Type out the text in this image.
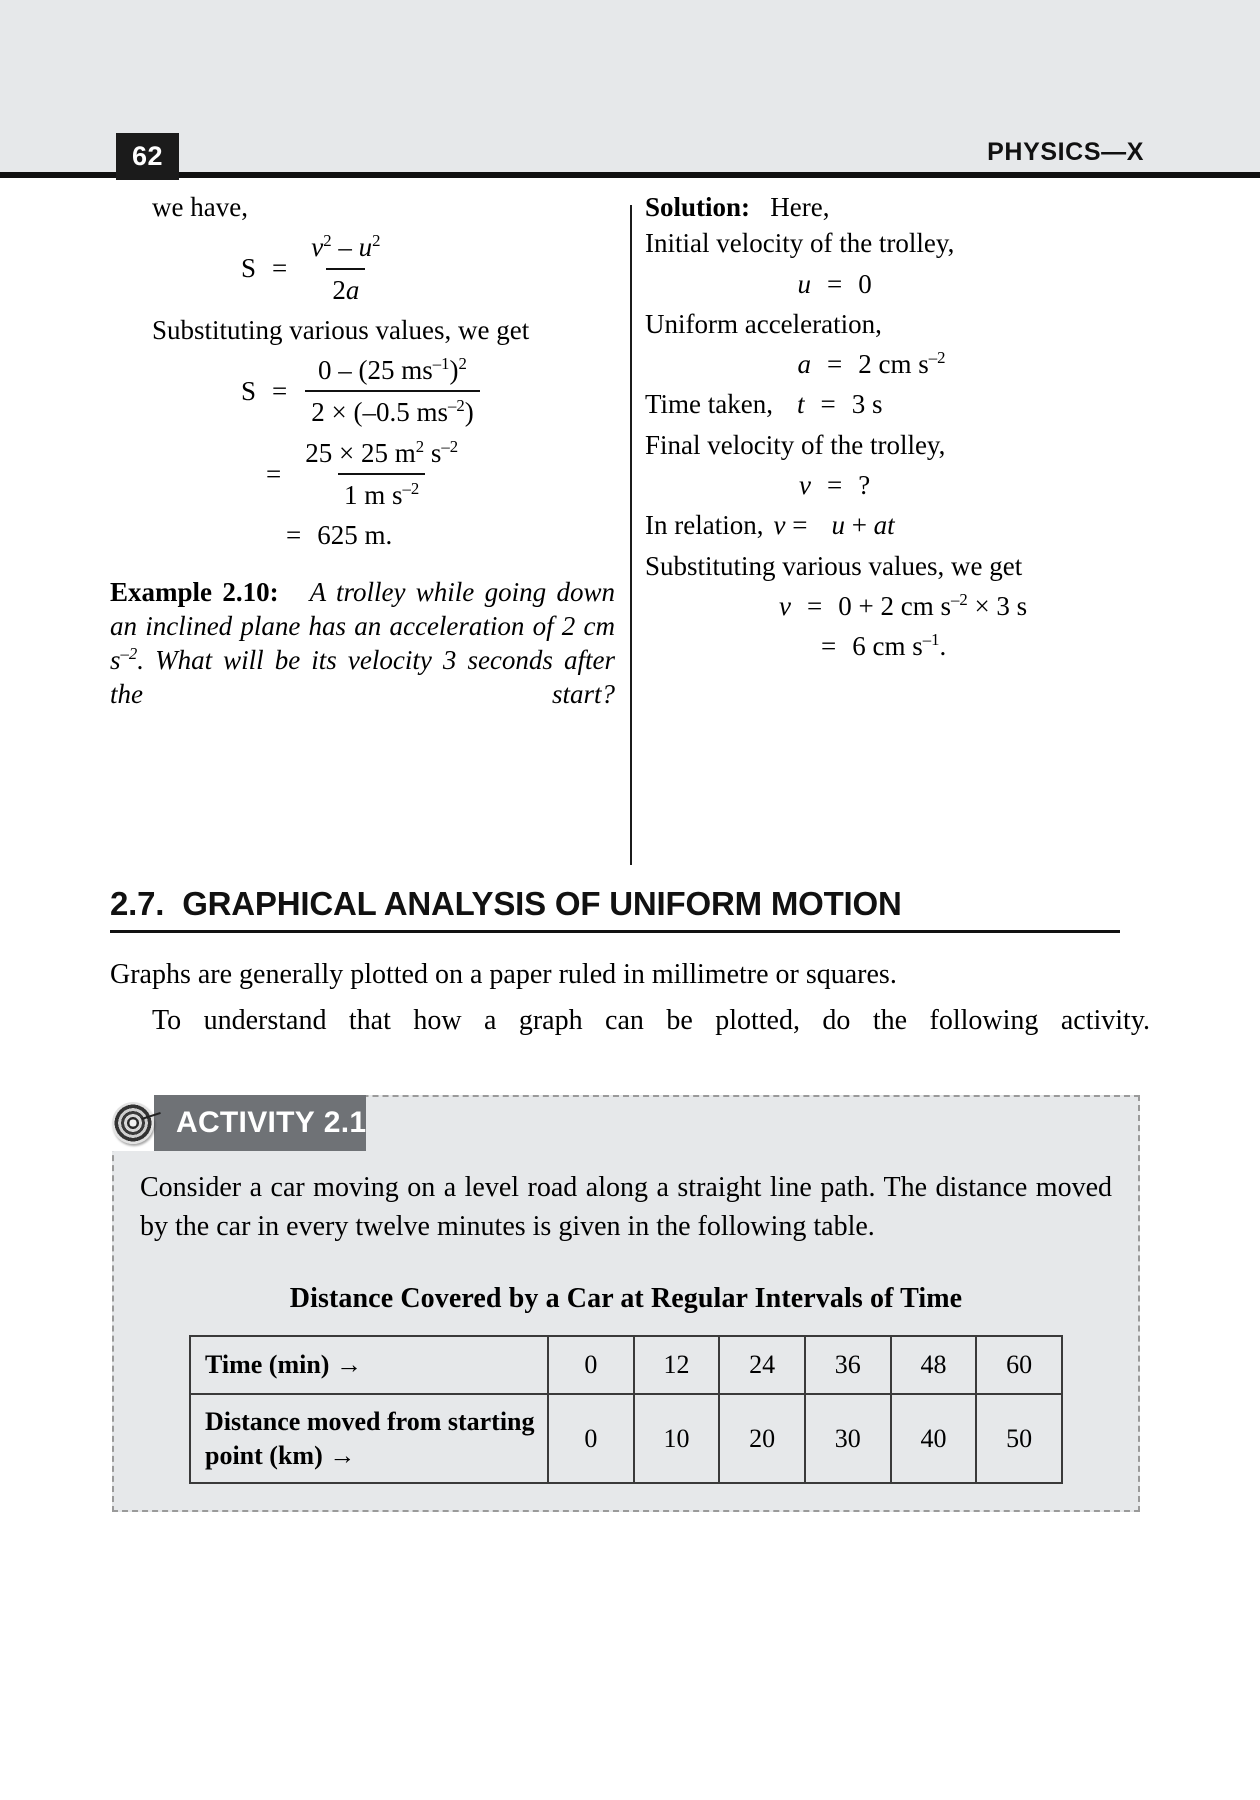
62	PHYSICS—X

we have,

$S = \frac{v^2 - u^2}{2a}$

Substituting various values, we get

$S = \frac{0 - (25 ms^{-1})^2}{2 \times (-0.5 ms^{-2})}$
= $\frac{25 \times 25 m^2 s^{-2}}{1 m s^{-2}}$
= 625 m.

Example 2.10: A trolley while going down an inclined plane has an acceleration of 2 cm $s^{-2}$. What will be its velocity 3 seconds after the start?

Solution: Here,

Initial velocity of the trolley,

u = 0

Uniform acceleration,

a = 2 cm $s^{-2}$
Time taken, t = 3 s

Final velocity of the trolley,

v = ?
In relation, v = u + at

Substituting various values, we get

v = 0 + 2 cm $s^{-2} \times 3$ s
= 6 cm $s^{-1}$.
2.7. GRAPHICAL ANALYSIS OF UNIFORM MOTION

Graphs are generally plotted on a paper ruled in millimetre or squares.

To understand that how a graph can be plotted, do the following activity.

ACTIVITY 2.1

Consider a car moving on a level road along a straight line path. The distance moved by the car in every twelve minutes is given in the following table.

Distance Covered by a Car at Regular Intervals of Time
Time (min) →	0	12	24	36	48	60
Distance moved from starting point (km) →	0	10	20	30	40	50
